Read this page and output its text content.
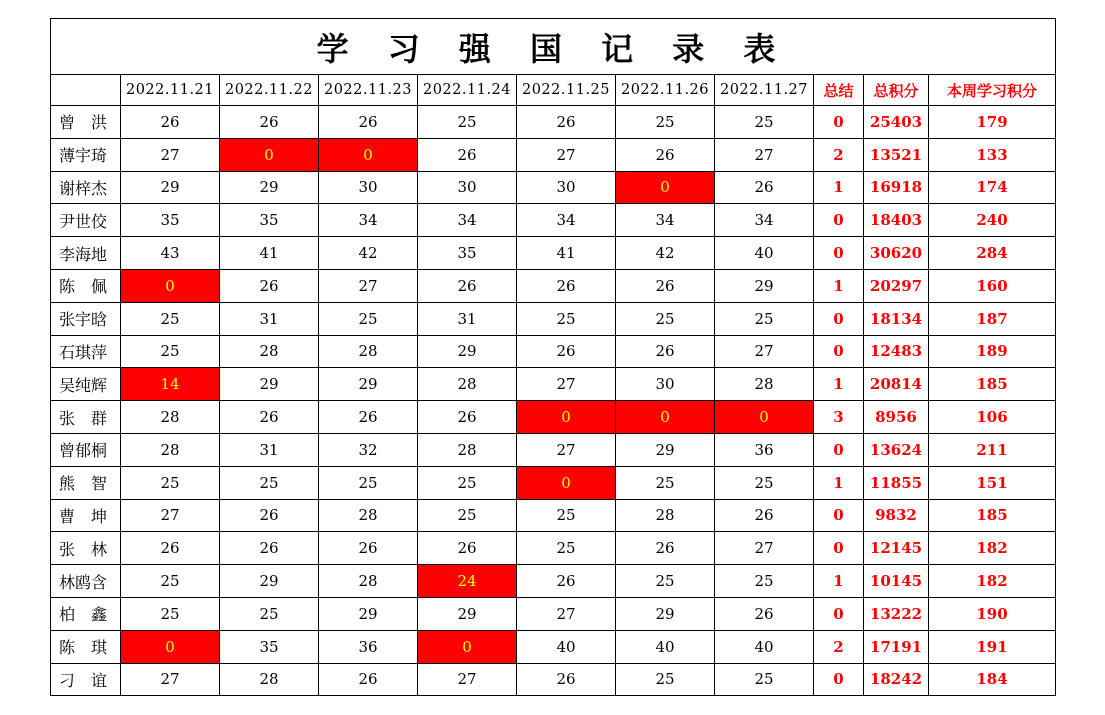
学 习 强 国 记 录 表										
	2022.11.21	2022.11.22	2022.11.23	2022.11.24	2022.11.25	2022.11.26	2022.11.27	总结	总积分	本周学习积分
曾　洪	26	26	26	25	26	25	25	0	25403	179
薄宇琦	27	0	0	26	27	26	27	2	13521	133
谢梓杰	29	29	30	30	30	0	26	1	16918	174
尹世佼	35	35	34	34	34	34	34	0	18403	240
李海地	43	41	42	35	41	42	40	0	30620	284
陈　佩	0	26	27	26	26	26	29	1	20297	160
张宇晗	25	31	25	31	25	25	25	0	18134	187
石琪萍	25	28	28	29	26	26	27	0	12483	189
吴纯辉	14	29	29	28	27	30	28	1	20814	185
张　群	28	26	26	26	0	0	0	3	8956	106
曾郁桐	28	31	32	28	27	29	36	0	13624	211
熊　智	25	25	25	25	0	25	25	1	11855	151
曹　坤	27	26	28	25	25	28	26	0	9832	185
张　林	26	26	26	26	25	26	27	0	12145	182
林鸥含	25	29	28	24	26	25	25	1	10145	182
柏　鑫	25	25	29	29	27	29	26	0	13222	190
陈　琪	0	35	36	0	40	40	40	2	17191	191
刁　谊	27	28	26	27	26	25	25	0	18242	184
